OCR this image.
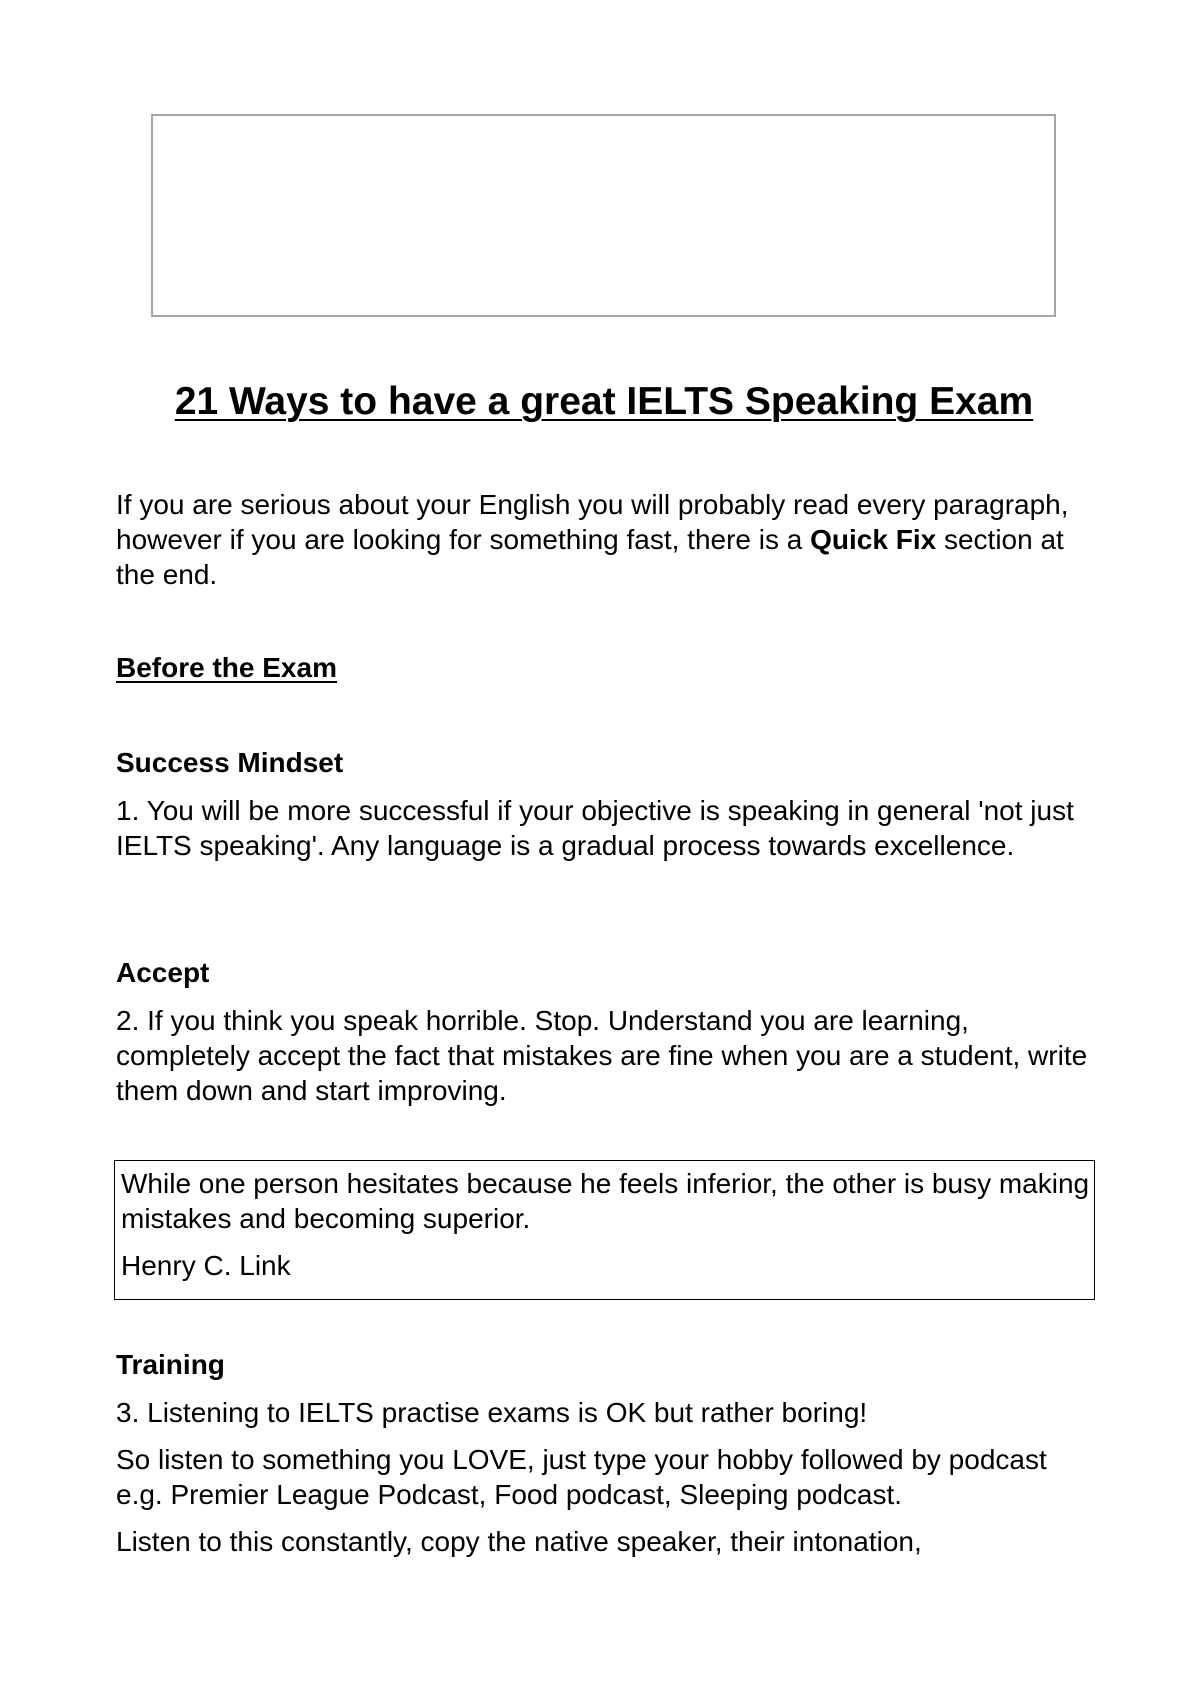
21 Ways to have a great IELTS Speaking Exam

If you are serious about your English you will probably read every paragraph, however if you are looking for something fast, there is a Quick Fix section at the end.

Before the Exam

Success Mindset

1. You will be more successful if your objective is speaking in general 'not just IELTS speaking'. Any language is a gradual process towards excellence.

Accept

2. If you think you speak horrible. Stop. Understand you are learning, completely accept the fact that mistakes are fine when you are a student, write them down and start improving.

While one person hesitates because he feels inferior, the other is busy making mistakes and becoming superior.

Henry C. Link

Training

3. Listening to IELTS practise exams is OK but rather boring!

So listen to something you LOVE, just type your hobby followed by podcast e.g. Premier League Podcast, Food podcast, Sleeping podcast.

Listen to this constantly, copy the native speaker, their intonation,
